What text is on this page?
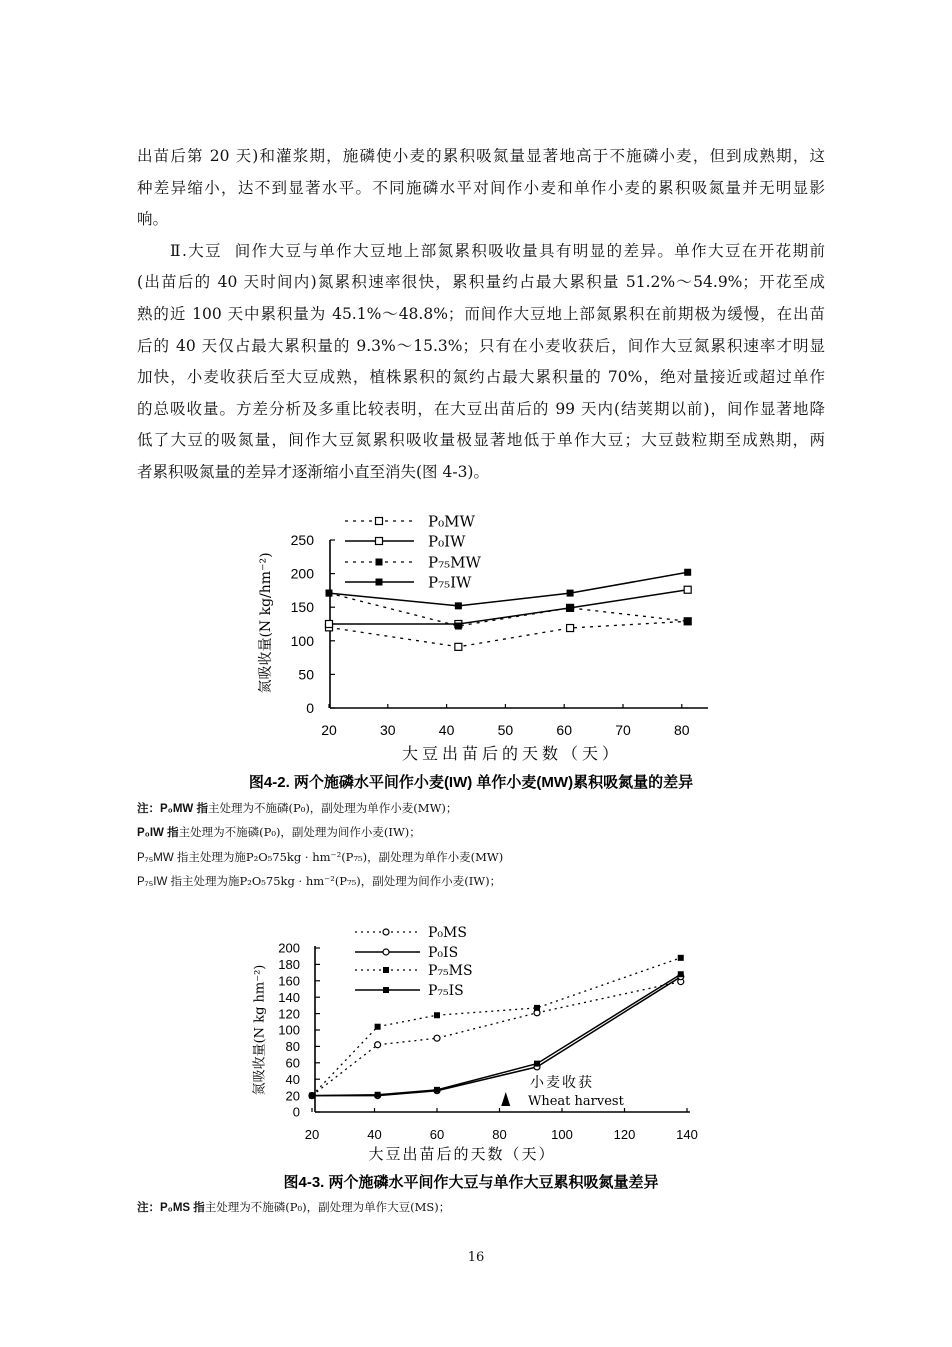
出苗后第 20 天)和灌浆期，施磷使小麦的累积吸氮量显著地高于不施磷小麦，但到成熟期，这
种差异缩小，达不到显著水平。不同施磷水平对间作小麦和单作小麦的累积吸氮量并无明显影
响。
Ⅱ.大豆  间作大豆与单作大豆地上部氮累积吸收量具有明显的差异。单作大豆在开花期前
(出苗后的 40 天时间内)氮累积速率很快，累积量约占最大累积量 51.2%～54.9%；开花至成
熟的近 100 天中累积量为 45.1%～48.8%；而间作大豆地上部氮累积在前期极为缓慢，在出苗
后的 40 天仅占最大累积量的 9.3%～15.3%；只有在小麦收获后，间作大豆氮累积速率才明显
加快，小麦收获后至大豆成熟，植株累积的氮约占最大累积量的 70%，绝对量接近或超过单作
的总吸收量。方差分析及多重比较表明，在大豆出苗后的 99 天内(结荚期以前)，间作显著地降
低了大豆的吸氮量，间作大豆氮累积吸收量极显著地低于单作大豆；大豆鼓粒期至成熟期，两
者累积吸氮量的差异才逐渐缩小直至消失(图 4-3)。
20	30	40	50	60	70	80
0
50
100
150
200
250
大豆出苗后的天数（天）
氮吸收量(N kg/hm⁻²)
P₀MW
P₀IW
P₇₅MW
P₇₅IW
图4-2. 两个施磷水平间作小麦(IW) 单作小麦(MW)累积吸氮量的差异
注：P₀MW 指主处理为不施磷(P₀)，副处理为单作小麦(MW)；
P₀IW 指主处理为不施磷(P₀)，副处理为间作小麦(IW)；
P₇₅MW 指主处理为施P₂O₅75kg · hm⁻²(P₇₅)，副处理为单作小麦(MW)
P₇₅IW 指主处理为施P₂O₅75kg · hm⁻²(P₇₅)，副处理为间作小麦(IW)；
20	40	60	80	100	120	140
0
20
40
60
80
100
120
140
160
180
200
大豆出苗后的天数（天）
氮吸收量(N kg hm⁻²)
P₀MS
P₀IS
P₇₅MS
P₇₅IS
小麦收获
Wheat harvest
图4-3. 两个施磷水平间作大豆与单作大豆累积吸氮量差异
注：P₀MS 指主处理为不施磷(P₀)，副处理为单作大豆(MS)；
16
